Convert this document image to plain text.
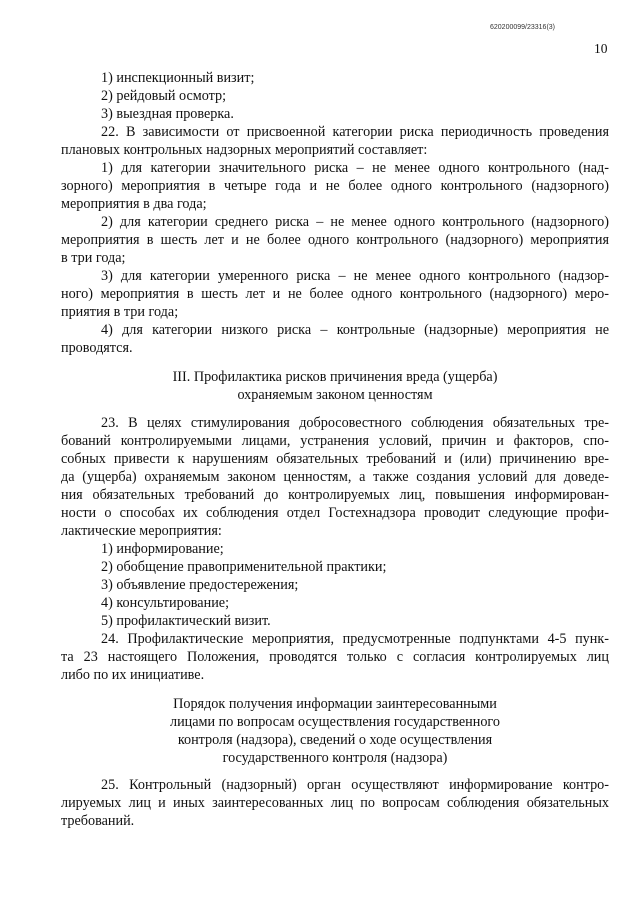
620200099/23316(3)
10
1) инспекционный визит;
2) рейдовый осмотр;
3) выездная проверка.
22. В зависимости от присвоенной категории риска периодичность проведения
плановых контрольных надзорных мероприятий составляет:
1) для категории значительного риска – не менее одного контрольного (над-
зорного) мероприятия в четыре года и не более одного контрольного (надзорного)
мероприятия в два года;
2) для категории среднего риска – не менее одного контрольного (надзорного)
мероприятия в шесть лет и не более одного контрольного (надзорного) мероприятия
в три года;
3) для категории умеренного риска – не менее одного контрольного (надзор-
ного) мероприятия в шесть лет и не более одного контрольного (надзорного) меро-
приятия в три года;
4) для категории низкого риска – контрольные (надзорные) мероприятия не
проводятся.
III. Профилактика рисков причинения вреда (ущерба)
охраняемым законом ценностям
23. В целях стимулирования добросовестного соблюдения обязательных тре-
бований контролируемыми лицами, устранения условий, причин и факторов, спо-
собных привести к нарушениям обязательных требований и (или) причинению вре-
да (ущерба) охраняемым законом ценностям, а также создания условий для доведе-
ния обязательных требований до контролируемых лиц, повышения информирован-
ности о способах их соблюдения отдел Гостехнадзора проводит следующие профи-
лактические мероприятия:
1) информирование;
2) обобщение правоприменительной практики;
3) объявление предостережения;
4) консультирование;
5) профилактический визит.
24. Профилактические мероприятия, предусмотренные подпунктами 4-5 пунк-
та 23 настоящего Положения, проводятся только с согласия контролируемых лиц
либо по их инициативе.
Порядок получения информации заинтересованными
лицами по вопросам осуществления государственного
контроля (надзора), сведений о ходе осуществления
государственного контроля (надзора)
25. Контрольный (надзорный) орган осуществляют информирование контро-
лируемых лиц и иных заинтересованных лиц по вопросам соблюдения обязательных
требований.
